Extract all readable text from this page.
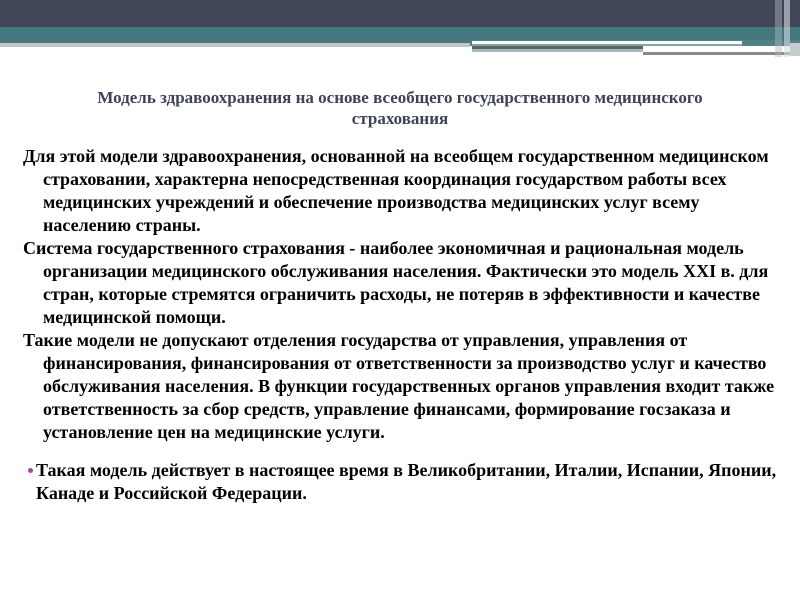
Модель здравоохранения на основе всеобщего государственного медицинского страхования

Для этой модели здравоохранения, основанной на всеобщем государственном медицинском страховании, характерна непосредственная координация государством работы всех медицинских учреждений и обеспечение производства медицинских услуг всему населению страны.

Система государственного страхования - наиболее экономичная и рациональная модель организации медицинского обслуживания населения. Фактически это модель XXI в. для стран, которые стремятся ограничить расходы, не потеряв в эффективности и качестве медицинской помощи.

Такие модели не допускают отделения государства от управления, управления от финансирования, финансирования от ответственности за производство услуг и качество обслуживания населения. В функции государственных органов управления входит также ответственность за сбор средств, управление финансами, формирование госзаказа и установление цен на медицинские услуги.

Такая модель действует в настоящее время в Великобритании, Италии, Испании, Японии, Канаде и Российской Федерации.
